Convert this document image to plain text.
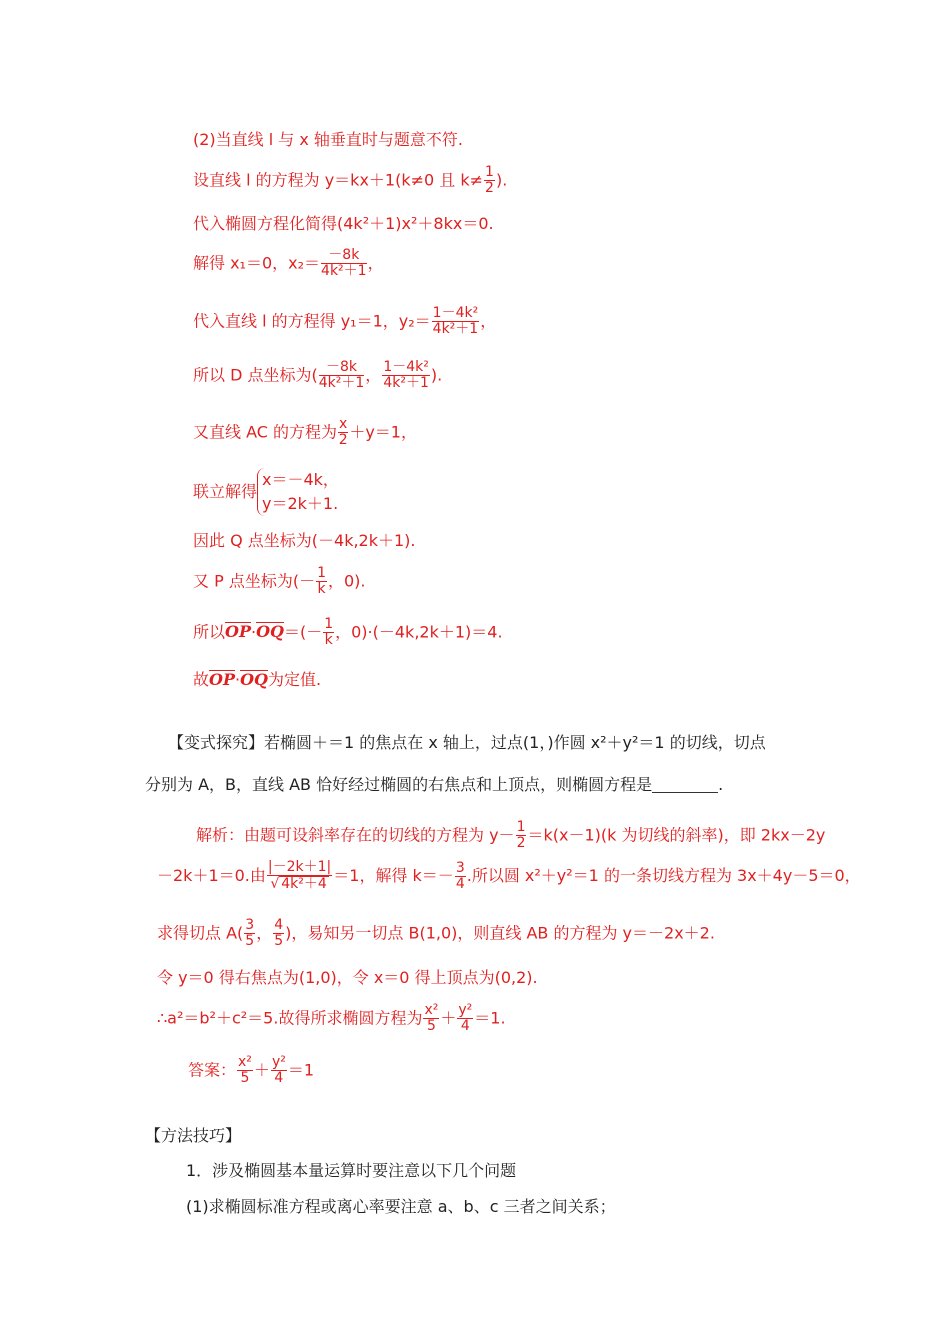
(2)当直线 l 与 x 轴垂直时与题意不符.
设直线 l 的方程为 y＝kx＋1(k≠0 且 $k\ne \frac{1}{2}$ ).
代入椭圆方程化简得(4k²＋1)x²＋8kx＝0.
解得 x₁＝0，$x_2= \frac{-8k}{\text{4k²＋1}}$ ，
代入直线 l 的方程得 y₁＝1，$y_2= \frac{\text{1－4k²}}{\text{4k²＋1}}$ ，
所以 D 点坐标为( $\frac{-8k}{\text{4k²＋1}}$ ， $\frac{\text{1－4k²}}{\text{4k²＋1}}$ ).
又直线 AC 的方程为 $\frac{x}{2} +y=1$，
联立解得
x＝－4k，
y＝2k＋1.
因此 Q 点坐标为(－4k,2k＋1).
又 P 点坐标为(－ $\frac{1}{k}$ ，0).
所以$OP\cdot OQ=(- \frac{1}{k}$ ，0)·(－4k,2k＋1)＝4.
故OP·OQ为定值.
【变式探究】若椭圆＋＝1 的焦点在 x 轴上，过点(1，)作圆 x²＋y²＝1 的切线，切点
分别为 A，B，直线 AB 恰好经过椭圆的右焦点和上顶点，则椭圆方程是	.
解析：由题可设斜率存在的切线的方程为 $y- \frac{1}{2} =k(x-1)(k$ 为切线的斜率)，即 2kx－2y
－2k＋1＝0.由 $\frac{|-2k+1|}{\text{√ 4k²＋4}} =1$，解得 $k=- \frac{3}{4}$ .所以圆 x²＋y²＝1 的一条切线方程为 3x＋4y－5＝0，
求得切点 $A( \frac{3}{5}$ ， $\frac{4}{5}$ )，易知另一切点 B(1,0)，则直线 AB 的方程为 y＝－2x＋2.
令 y＝0 得右焦点为(1,0)，令 x＝0 得上顶点为(0,2).
∴a²＝b²＋c²＝5.故得所求椭圆方程为 $\frac{\text{x²}}{5} + \frac{\text{y²}}{4} =1$.
答案： $\frac{\text{x²}}{5} + \frac{\text{y²}}{4} =1$
【方法技巧】
1．涉及椭圆基本量运算时要注意以下几个问题
(1)求椭圆标准方程或离心率要注意 a、b、c 三者之间关系；
